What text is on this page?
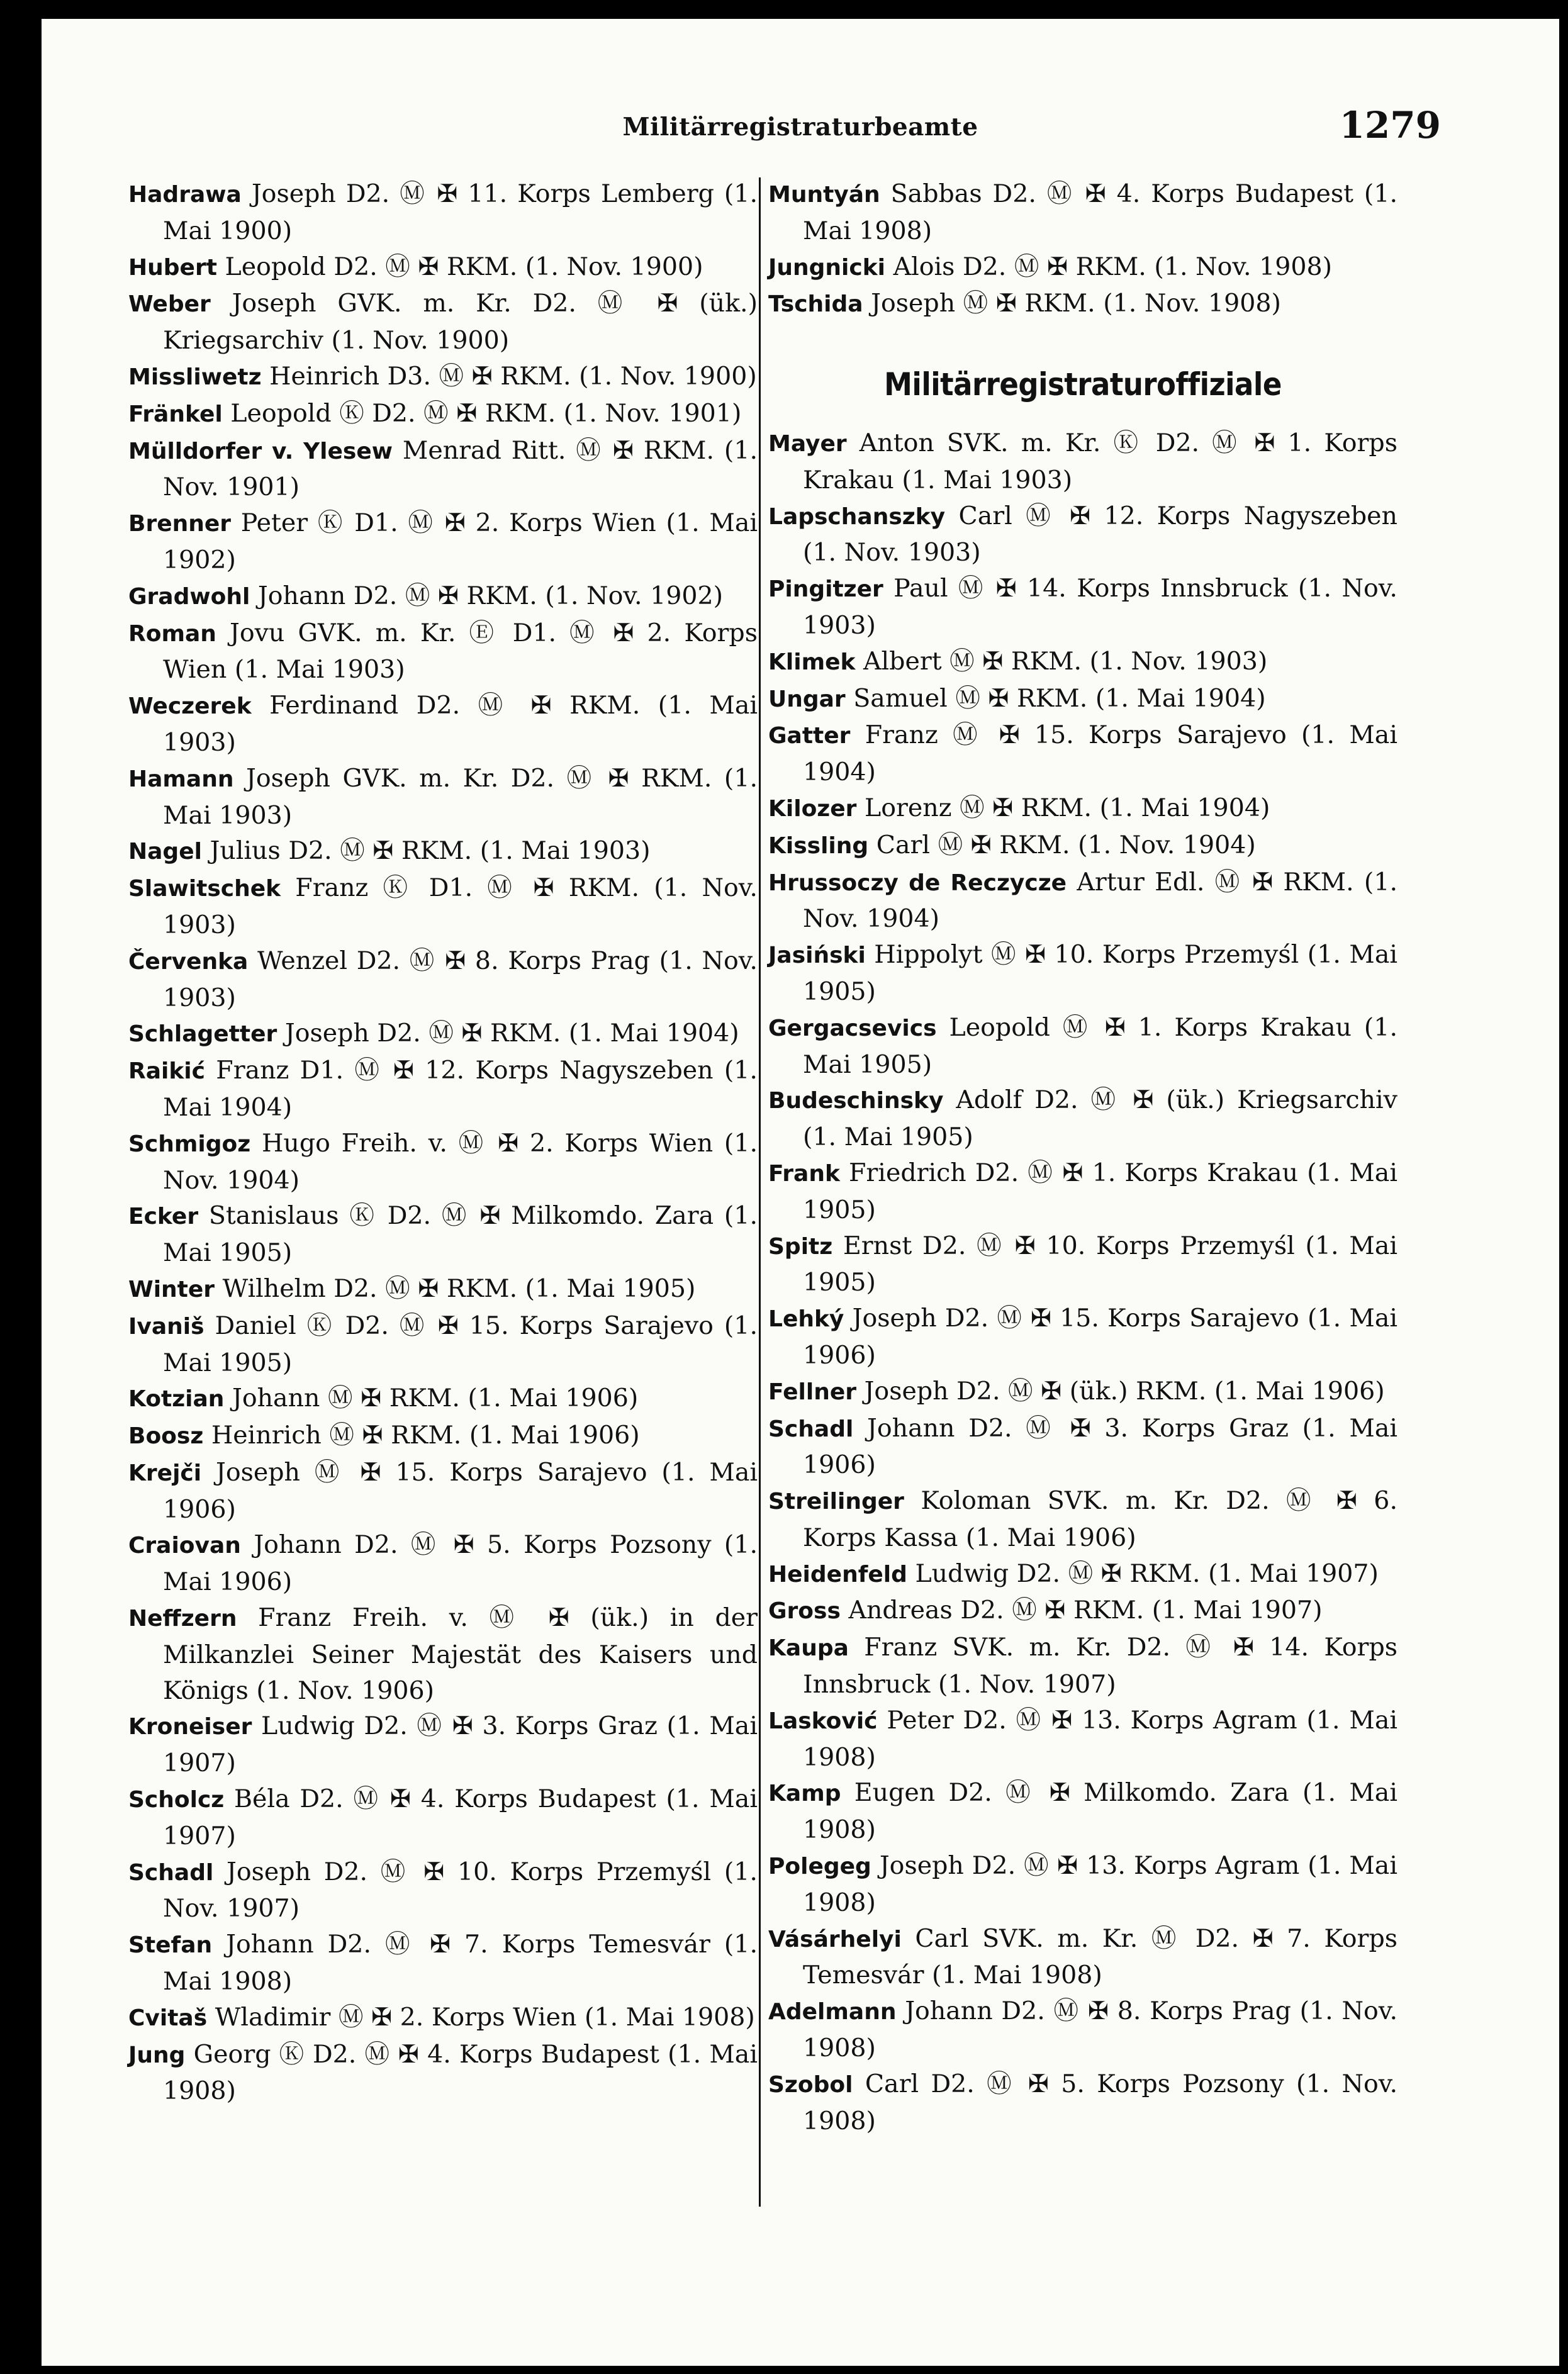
Militärregistraturbeamte	1279
Hadrawa Joseph D2. Ⓜ ✠ 11. Korps Lemberg (1. Mai 1900)
Hubert Leopold D2. Ⓜ ✠ RKM. (1. Nov. 1900)
Weber Joseph GVK. m. Kr. D2. Ⓜ ✠ (ük.) Kriegsarchiv (1. Nov. 1900)
Missliwetz Heinrich D3. Ⓜ ✠ RKM. (1. Nov. 1900)
Fränkel Leopold Ⓚ D2. Ⓜ ✠ RKM. (1. Nov. 1901)
Mülldorfer v. Ylesew Menrad Ritt. Ⓜ ✠ RKM. (1. Nov. 1901)
Brenner Peter Ⓚ D1. Ⓜ ✠ 2. Korps Wien (1. Mai 1902)
Gradwohl Johann D2. Ⓜ ✠ RKM. (1. Nov. 1902)
Roman Jovu GVK. m. Kr. Ⓔ D1. Ⓜ ✠ 2. Korps Wien (1. Mai 1903)
Weczerek Ferdinand D2. Ⓜ ✠ RKM. (1. Mai 1903)
Hamann Joseph GVK. m. Kr. D2. Ⓜ ✠ RKM. (1. Mai 1903)
Nagel Julius D2. Ⓜ ✠ RKM. (1. Mai 1903)
Slawitschek Franz Ⓚ D1. Ⓜ ✠ RKM. (1. Nov. 1903)
Červenka Wenzel D2. Ⓜ ✠ 8. Korps Prag (1. Nov. 1903)
Schlagetter Joseph D2. Ⓜ ✠ RKM. (1. Mai 1904)
Raikić Franz D1. Ⓜ ✠ 12. Korps Nagyszeben (1. Mai 1904)
Schmigoz Hugo Freih. v. Ⓜ ✠ 2. Korps Wien (1. Nov. 1904)
Ecker Stanislaus Ⓚ D2. Ⓜ ✠ Milkomdo. Zara (1. Mai 1905)
Winter Wilhelm D2. Ⓜ ✠ RKM. (1. Mai 1905)
Ivaniš Daniel Ⓚ D2. Ⓜ ✠ 15. Korps Sarajevo (1. Mai 1905)
Kotzian Johann Ⓜ ✠ RKM. (1. Mai 1906)
Boosz Heinrich Ⓜ ✠ RKM. (1. Mai 1906)
Krejči Joseph Ⓜ ✠ 15. Korps Sarajevo (1. Mai 1906)
Craiovan Johann D2. Ⓜ ✠ 5. Korps Pozsony (1. Mai 1906)
Neffzern Franz Freih. v. Ⓜ ✠ (ük.) in der Milkanzlei Seiner Majestät des Kaisers und Königs (1. Nov. 1906)
Kroneiser Ludwig D2. Ⓜ ✠ 3. Korps Graz (1. Mai 1907)
Scholcz Béla D2. Ⓜ ✠ 4. Korps Budapest (1. Mai 1907)
Schadl Joseph D2. Ⓜ ✠ 10. Korps Przemyśl (1. Nov. 1907)
Stefan Johann D2. Ⓜ ✠ 7. Korps Temesvár (1. Mai 1908)
Cvitaš Wladimir Ⓜ ✠ 2. Korps Wien (1. Mai 1908)
Jung Georg Ⓚ D2. Ⓜ ✠ 4. Korps Budapest (1. Mai 1908)
Muntyán Sabbas D2. Ⓜ ✠ 4. Korps Budapest (1. Mai 1908)
Jungnicki Alois D2. Ⓜ ✠ RKM. (1. Nov. 1908)
Tschida Joseph Ⓜ ✠ RKM. (1. Nov. 1908)
Militärregistraturoffiziale
Mayer Anton SVK. m. Kr. Ⓚ D2. Ⓜ ✠ 1. Korps Krakau (1. Mai 1903)
Lapschanszky Carl Ⓜ ✠ 12. Korps Nagyszeben (1. Nov. 1903)
Pingitzer Paul Ⓜ ✠ 14. Korps Innsbruck (1. Nov. 1903)
Klimek Albert Ⓜ ✠ RKM. (1. Nov. 1903)
Ungar Samuel Ⓜ ✠ RKM. (1. Mai 1904)
Gatter Franz Ⓜ ✠ 15. Korps Sarajevo (1. Mai 1904)
Kilozer Lorenz Ⓜ ✠ RKM. (1. Mai 1904)
Kissling Carl Ⓜ ✠ RKM. (1. Nov. 1904)
Hrussoczy de Reczycze Artur Edl. Ⓜ ✠ RKM. (1. Nov. 1904)
Jasiński Hippolyt Ⓜ ✠ 10. Korps Przemyśl (1. Mai 1905)
Gergacsevics Leopold Ⓜ ✠ 1. Korps Krakau (1. Mai 1905)
Budeschinsky Adolf D2. Ⓜ ✠ (ük.) Kriegsarchiv (1. Mai 1905)
Frank Friedrich D2. Ⓜ ✠ 1. Korps Krakau (1. Mai 1905)
Spitz Ernst D2. Ⓜ ✠ 10. Korps Przemyśl (1. Mai 1905)
Lehký Joseph D2. Ⓜ ✠ 15. Korps Sarajevo (1. Mai 1906)
Fellner Joseph D2. Ⓜ ✠ (ük.) RKM. (1. Mai 1906)
Schadl Johann D2. Ⓜ ✠ 3. Korps Graz (1. Mai 1906)
Streilinger Koloman SVK. m. Kr. D2. Ⓜ ✠ 6. Korps Kassa (1. Mai 1906)
Heidenfeld Ludwig D2. Ⓜ ✠ RKM. (1. Mai 1907)
Gross Andreas D2. Ⓜ ✠ RKM. (1. Mai 1907)
Kaupa Franz SVK. m. Kr. D2. Ⓜ ✠ 14. Korps Innsbruck (1. Nov. 1907)
Lasković Peter D2. Ⓜ ✠ 13. Korps Agram (1. Mai 1908)
Kamp Eugen D2. Ⓜ ✠ Milkomdo. Zara (1. Mai 1908)
Polegeg Joseph D2. Ⓜ ✠ 13. Korps Agram (1. Mai 1908)
Vásárhelyi Carl SVK. m. Kr. Ⓜ D2. ✠ 7. Korps Temesvár (1. Mai 1908)
Adelmann Johann D2. Ⓜ ✠ 8. Korps Prag (1. Nov. 1908)
Szobol Carl D2. Ⓜ ✠ 5. Korps Pozsony (1. Nov. 1908)
